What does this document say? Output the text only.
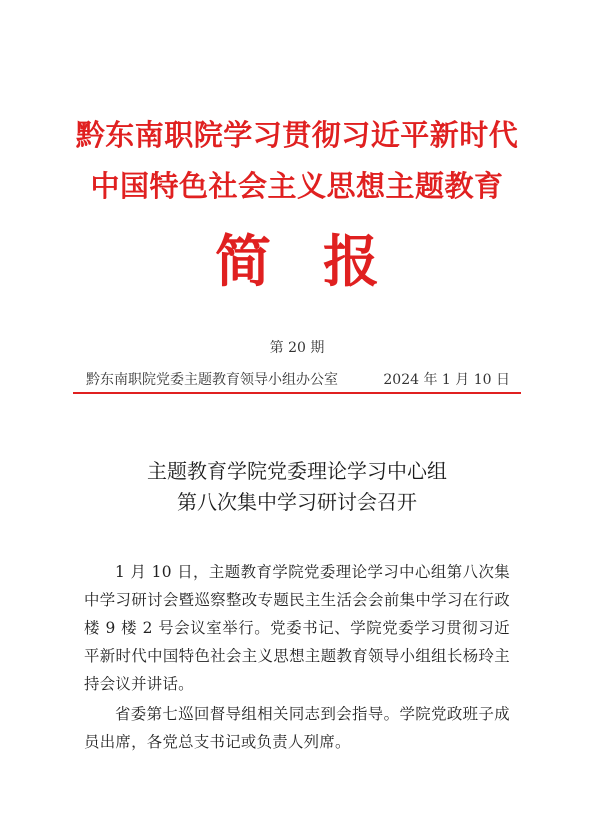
黔东南职院学习贯彻习近平新时代
中国特色社会主义思想主题教育
简报
第 20 期
黔东南职院党委主题教育领导小组办公室	2024 年 1 月 10 日
主题教育学院党委理论学习中心组
第八次集中学习研讨会召开

1 月 10 日，主题教育学院党委理论学习中心组第八次集中学习研讨会暨巡察整改专题民主生活会会前集中学习在行政楼 9 楼 2 号会议室举行。党委书记、学院党委学习贯彻习近平新时代中国特色社会主义思想主题教育领导小组组长杨玲主持会议并讲话。

省委第七巡回督导组相关同志到会指导。学院党政班子成员出席，各党总支书记或负责人列席。
